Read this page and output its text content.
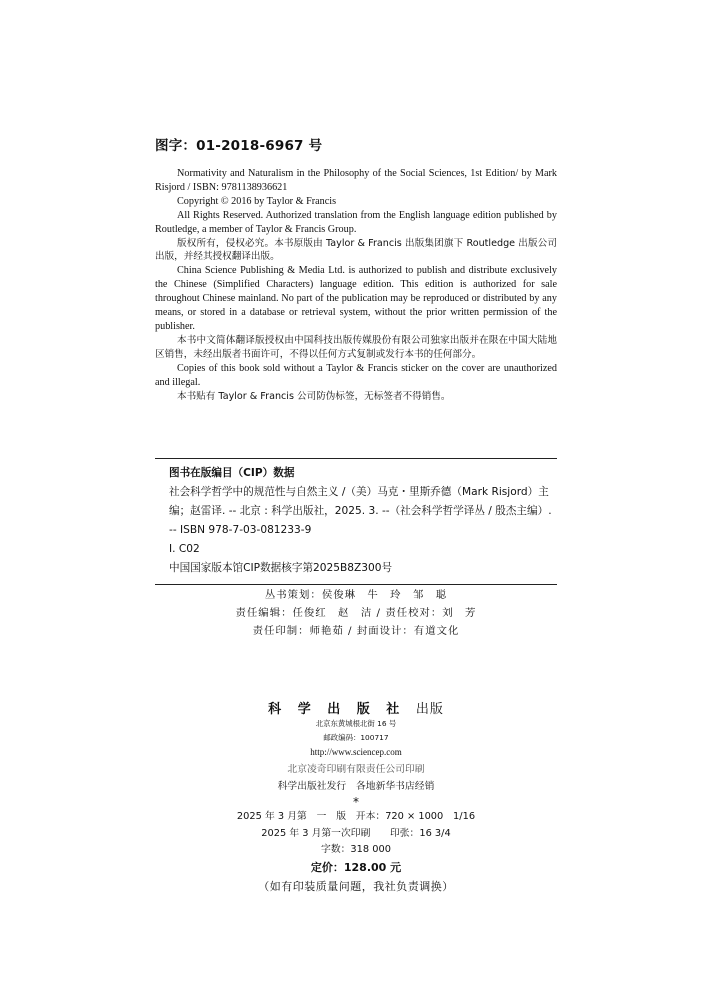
图字：01-2018-6967 号

Normativity and Naturalism in the Philosophy of the Social Sciences, 1st Edition/ by Mark Risjord / ISBN: 9781138936621

Copyright © 2016 by Taylor & Francis

All Rights Reserved. Authorized translation from the English language edition published by Routledge, a member of Taylor & Francis Group.

版权所有，侵权必究。本书原版由 Taylor & Francis 出版集团旗下 Routledge 出版公司出版，并经其授权翻译出版。

China Science Publishing & Media Ltd. is authorized to publish and distribute exclusively the Chinese (Simplified Characters) language edition. This edition is authorized for sale throughout Chinese mainland. No part of the publication may be reproduced or distributed by any means, or stored in a database or retrieval system, without the prior written permission of the publisher.

本书中文简体翻译版授权由中国科技出版传媒股份有限公司独家出版并在限在中国大陆地区销售，未经出版者书面许可，不得以任何方式复制或发行本书的任何部分。

Copies of this book sold without a Taylor & Francis sticker on the cover are unauthorized and illegal.

本书贴有 Taylor & Francis 公司防伪标签，无标签者不得销售。

图书在版编目（CIP）数据
社会科学哲学中的规范性与自然主义 /（美）马克・里斯乔德（Mark Risjord）主编；赵雷译. -- 北京 : 科学出版社，2025. 3. --（社会科学哲学译丛 / 殷杰主编）. -- ISBN 978-7-03-081233-9
Ⅰ. C02
中国国家版本馆CIP数据核字第2025B8Z300号
丛书策划：侯俊琳　牛　玲　邹　聪
责任编辑：任俊红　赵　洁 / 责任校对：刘　芳
责任印制：师艳茹 / 封面设计：有道文化
科 学 出 版 社 出版
北京东黄城根北街 16 号
邮政编码：100717
http://www.sciencep.com
北京凌奇印刷有限责任公司印刷
科学出版社发行　各地新华书店经销
*
2025 年 3 月第　一　版　开本：720 × 1000　1/16
2025 年 3 月第一次印刷　　印张：16 3/4
字数：318 000
定价：128.00 元
（如有印装质量问题，我社负责调换）
